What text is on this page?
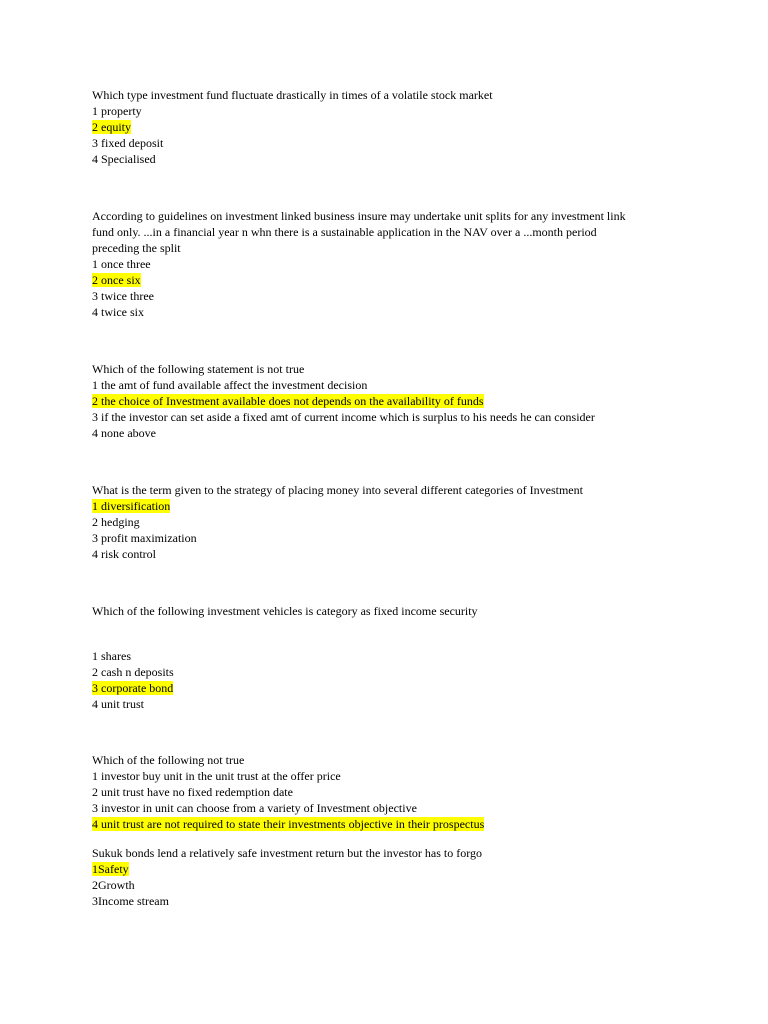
Which type investment fund fluctuate drastically in times of a volatile stock market
1 property
2 equity
3 fixed deposit
4 Specialised
According to guidelines on investment linked business insure may undertake unit splits for any investment link
fund only. ...in a financial year n whn there is a sustainable application in the NAV over a ...month period
preceding the split
1 once three
2 once six
3 twice three
4 twice six
Which of the following statement is not true
1 the amt of fund available affect the investment decision
2 the choice of Investment available does not depends on the availability of funds
3 if the investor can set aside a fixed amt of current income which is surplus to his needs he can consider
4 none above
What is the term given to the strategy of placing money into several different categories of Investment
1 diversification
2 hedging
3 profit maximization
4 risk control
Which of the following investment vehicles is category as fixed income security
1 shares
2 cash n deposits
3 corporate bond
4 unit trust
Which of the following not true
1 investor buy unit in the unit trust at the offer price
2 unit trust have no fixed redemption date
3 investor in unit can choose from a variety of Investment objective
4 unit trust are not required to state their investments objective in their prospectus
Sukuk bonds lend a relatively safe investment return but the investor has to forgo
1Safety
2Growth
3Income stream
